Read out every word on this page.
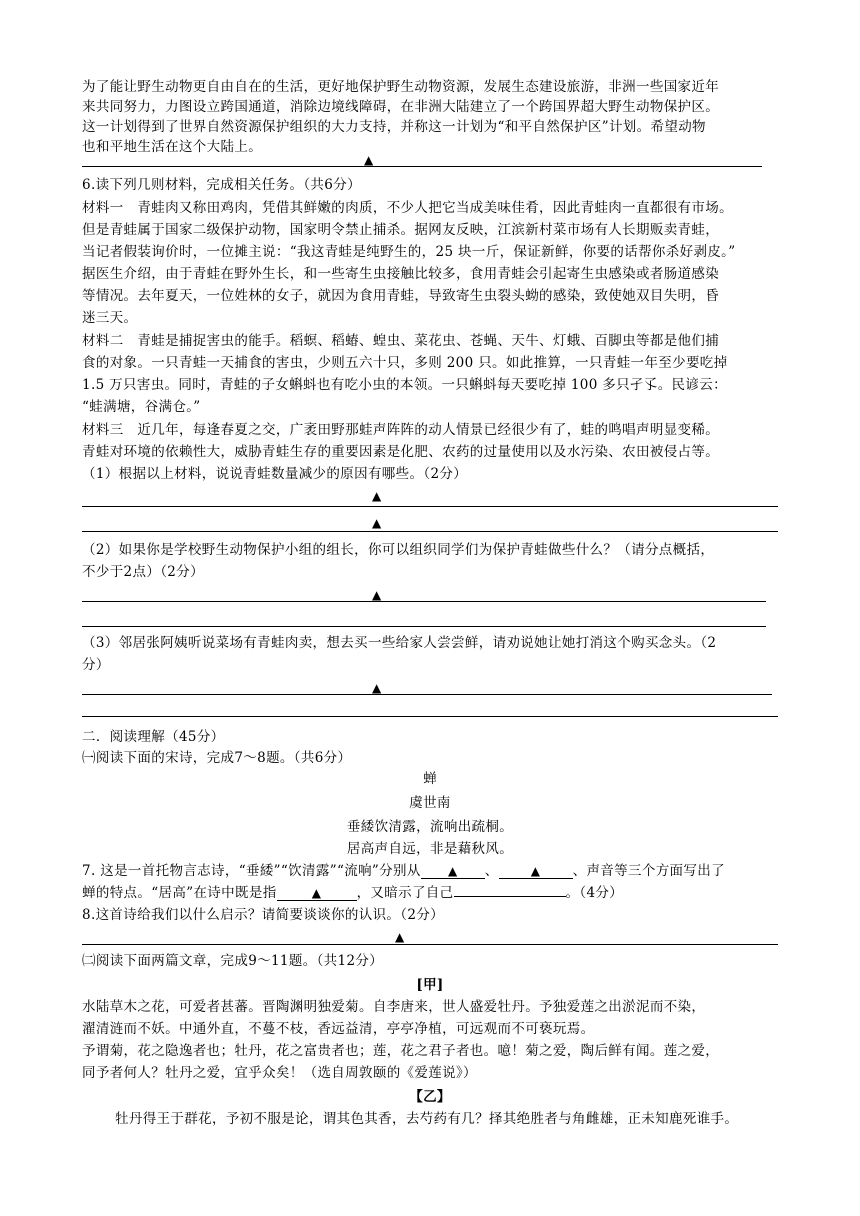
为了能让野生动物更自由自在的生活，更好地保护野生动物资源，发展生态建设旅游，非洲一些国家近年
来共同努力，力图设立跨国通道，消除边境线障碍，在非洲大陆建立了一个跨国界超大野生动物保护区。
这一计划得到了世界自然资源保护组织的大力支持，并称这一计划为“和平自然保护区”计划。希望动物
也和平地生活在这个大陆上。
▲
6.读下列几则材料，完成相关任务。（共6分）
材料一　青蛙肉又称田鸡肉，凭借其鲜嫩的肉质，不少人把它当成美味佳肴，因此青蛙肉一直都很有市场。
但是青蛙属于国家二级保护动物，国家明令禁止捕杀。据网友反映，江滨新村菜市场有人长期贩卖青蛙，
当记者假装询价时，一位摊主说：“我这青蛙是纯野生的，25 块一斤，保证新鲜，你要的话帮你杀好剥皮。”
据医生介绍，由于青蛙在野外生长，和一些寄生虫接触比较多，食用青蛙会引起寄生虫感染或者肠道感染
等情况。去年夏天，一位姓林的女子，就因为食用青蛙，导致寄生虫裂头蚴的感染，致使她双目失明，昏
迷三天。
材料二　青蛙是捕捉害虫的能手。稻螟、稻蝽、蝗虫、菜花虫、苍蝇、天牛、灯蛾、百脚虫等都是他们捕
食的对象。一只青蛙一天捕食的害虫，少则五六十只，多则 200 只。如此推算，一只青蛙一年至少要吃掉
1.5 万只害虫。同时，青蛙的子女蝌蚪也有吃小虫的本领。一只蝌蚪每天要吃掉 100 多只孑孓。民谚云：
“蛙满塘，谷满仓。”
材料三　近几年，每逢春夏之交，广袤田野那蛙声阵阵的动人情景已经很少有了，蛙的鸣唱声明显变稀。
青蛙对环境的依赖性大，威胁青蛙生存的重要因素是化肥、农药的过量使用以及水污染、农田被侵占等。
（1）根据以上材料，说说青蛙数量减少的原因有哪些。（2分）
▲
▲
（2）如果你是学校野生动物保护小组的组长，你可以组织同学们为保护青蛙做些什么？（请分点概括，
不少于2点）（2分）
▲
（3）邻居张阿姨听说菜场有青蛙肉卖，想去买一些给家人尝尝鲜，请劝说她让她打消这个购买念头。（2
分）
▲
二．阅读理解（45分）
㈠阅读下面的宋诗，完成7～8题。（共6分）
蝉
虞世南
垂緌饮清露，流响出疏桐。
居高声自远，非是藉秋风。
7. 这是一首托物言志诗，“垂緌”“饮清露”“流响”分别从 ▲ 、	▲ 、声音等三个方面写出了
蝉的特点。“居高”在诗中既是指	▲	，又暗示了自己	。（4分）
8.这首诗给我们以什么启示？请简要谈谈你的认识。（2分）
▲
㈡阅读下面两篇文章，完成9～11题。（共12分）
[甲]
水陆草木之花，可爱者甚蕃。晋陶渊明独爱菊。自李唐来，世人盛爱牡丹。予独爱莲之出淤泥而不染，
濯清涟而不妖。中通外直，不蔓不枝，香远益清，亭亭净植，可远观而不可亵玩焉。
予谓菊，花之隐逸者也；牡丹，花之富贵者也；莲，花之君子者也。噫！菊之爱，陶后鲜有闻。莲之爱，
同予者何人？牡丹之爱，宜乎众矣！（选自周敦颐的《爱莲说》）
【乙】
牡丹得王于群花，予初不服是论，谓其色其香，去芍药有几？择其绝胜者与角雌雄，正未知鹿死谁手。
